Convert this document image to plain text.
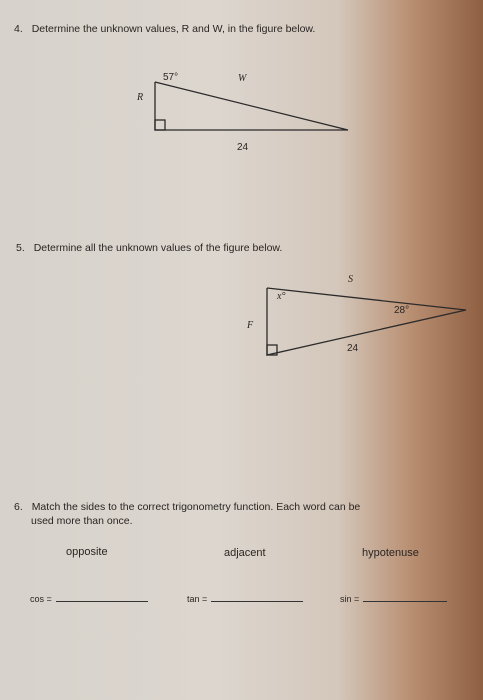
4. Determine the unknown values, R and W, in the figure below.
57°	W
R
24
5. Determine all the unknown values of the figure below.
x°
S
28°
F
24
6. Match the sides to the correct trigonometry function. Each word can be
used more than once.
opposite	adjacent	hypotenuse
cos =	tan =	sin =
